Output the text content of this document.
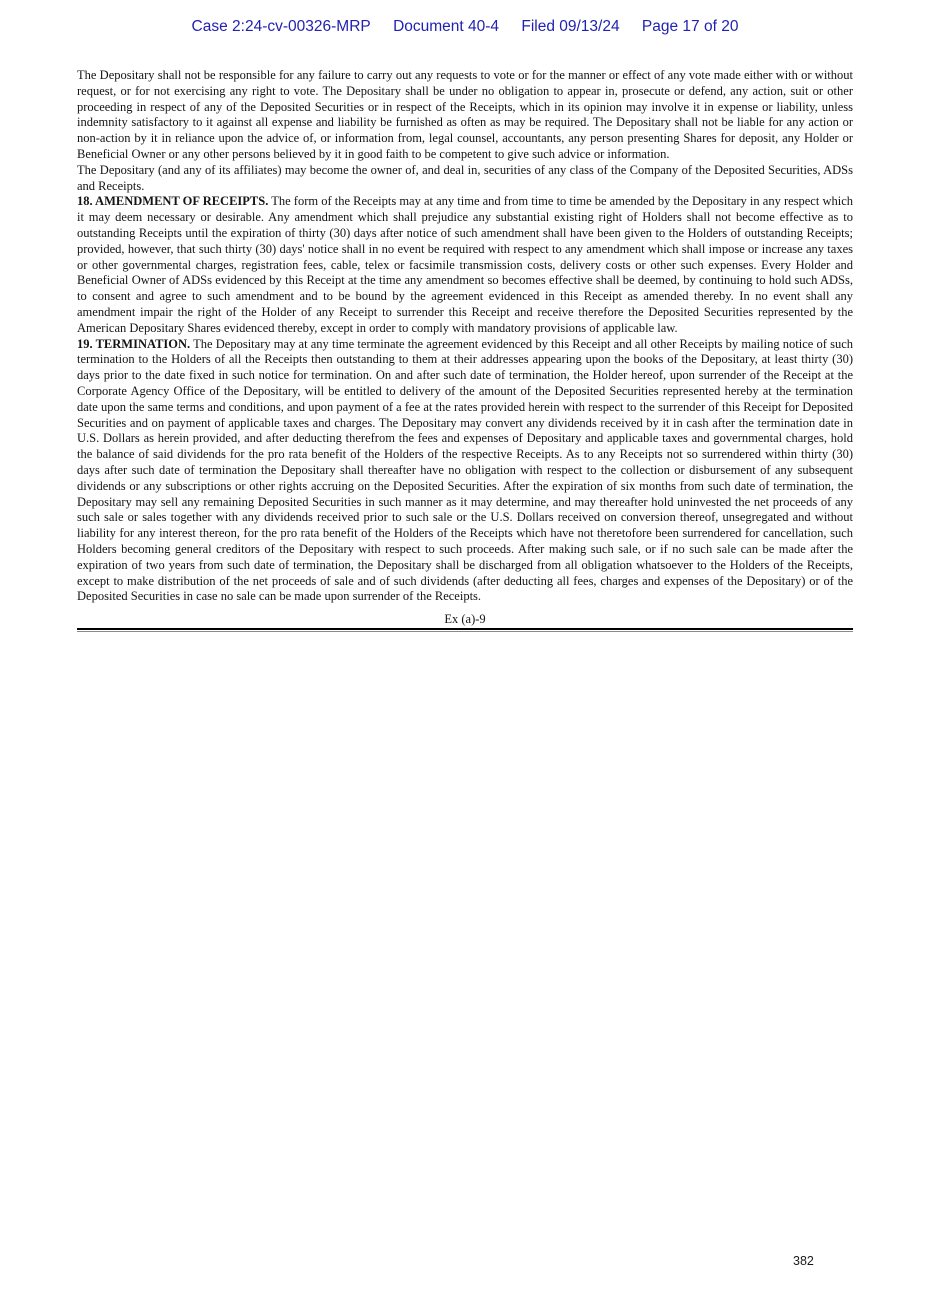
Case 2:24-cv-00326-MRP Document 40-4 Filed 09/13/24 Page 17 of 20

The Depositary shall not be responsible for any failure to carry out any requests to vote or for the manner or effect of any vote made either with or without request, or for not exercising any right to vote. The Depositary shall be under no obligation to appear in, prosecute or defend, any action, suit or other proceeding in respect of any of the Deposited Securities or in respect of the Receipts, which in its opinion may involve it in expense or liability, unless indemnity satisfactory to it against all expense and liability be furnished as often as may be required. The Depositary shall not be liable for any action or non-action by it in reliance upon the advice of, or information from, legal counsel, accountants, any person presenting Shares for deposit, any Holder or Beneficial Owner or any other persons believed by it in good faith to be competent to give such advice or information.

The Depositary (and any of its affiliates) may become the owner of, and deal in, securities of any class of the Company of the Deposited Securities, ADSs and Receipts.

18. AMENDMENT OF RECEIPTS. The form of the Receipts may at any time and from time to time be amended by the Depositary in any respect which it may deem necessary or desirable. Any amendment which shall prejudice any substantial existing right of Holders shall not become effective as to outstanding Receipts until the expiration of thirty (30) days after notice of such amendment shall have been given to the Holders of outstanding Receipts; provided, however, that such thirty (30) days' notice shall in no event be required with respect to any amendment which shall impose or increase any taxes or other governmental charges, registration fees, cable, telex or facsimile transmission costs, delivery costs or other such expenses. Every Holder and Beneficial Owner of ADSs evidenced by this Receipt at the time any amendment so becomes effective shall be deemed, by continuing to hold such ADSs, to consent and agree to such amendment and to be bound by the agreement evidenced in this Receipt as amended thereby. In no event shall any amendment impair the right of the Holder of any Receipt to surrender this Receipt and receive therefore the Deposited Securities represented by the American Depositary Shares evidenced thereby, except in order to comply with mandatory provisions of applicable law.

19. TERMINATION. The Depositary may at any time terminate the agreement evidenced by this Receipt and all other Receipts by mailing notice of such termination to the Holders of all the Receipts then outstanding to them at their addresses appearing upon the books of the Depositary, at least thirty (30) days prior to the date fixed in such notice for termination. On and after such date of termination, the Holder hereof, upon surrender of the Receipt at the Corporate Agency Office of the Depositary, will be entitled to delivery of the amount of the Deposited Securities represented hereby at the termination date upon the same terms and conditions, and upon payment of a fee at the rates provided herein with respect to the surrender of this Receipt for Deposited Securities and on payment of applicable taxes and charges. The Depositary may convert any dividends received by it in cash after the termination date in U.S. Dollars as herein provided, and after deducting therefrom the fees and expenses of Depositary and applicable taxes and governmental charges, hold the balance of said dividends for the pro rata benefit of the Holders of the respective Receipts. As to any Receipts not so surrendered within thirty (30) days after such date of termination the Depositary shall thereafter have no obligation with respect to the collection or disbursement of any subsequent dividends or any subscriptions or other rights accruing on the Deposited Securities. After the expiration of six months from such date of termination, the Depositary may sell any remaining Deposited Securities in such manner as it may determine, and may thereafter hold uninvested the net proceeds of any such sale or sales together with any dividends received prior to such sale or the U.S. Dollars received on conversion thereof, unsegregated and without liability for any interest thereon, for the pro rata benefit of the Holders of the Receipts which have not theretofore been surrendered for cancellation, such Holders becoming general creditors of the Depositary with respect to such proceeds. After making such sale, or if no such sale can be made after the expiration of two years from such date of termination, the Depositary shall be discharged from all obligation whatsoever to the Holders of the Receipts, except to make distribution of the net proceeds of sale and of such dividends (after deducting all fees, charges and expenses of the Depositary) or of the Deposited Securities in case no sale can be made upon surrender of the Receipts.

Ex (a)-9
382
